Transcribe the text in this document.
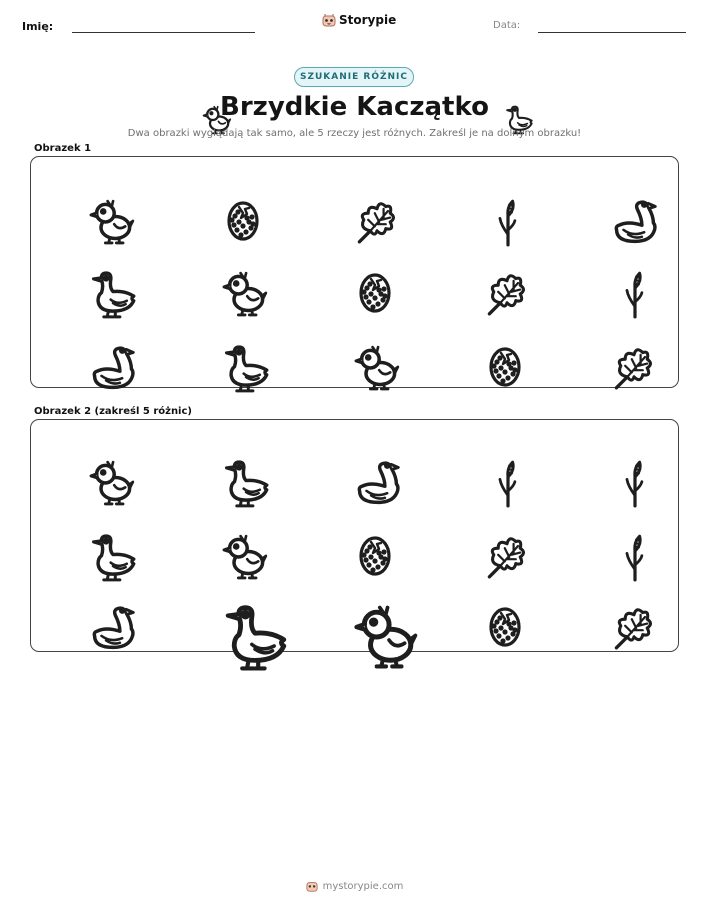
Imię:	Storypie	Data:
SZUKANIE RÓŻNIC
Brzydkie Kaczątko
Dwa obrazki wyglądają tak samo, ale 5 rzeczy jest różnych. Zakreśl je na dolnym obrazku!
Obrazek 1
Obrazek 2 (zakreśl 5 różnic)
mystorypie.com
